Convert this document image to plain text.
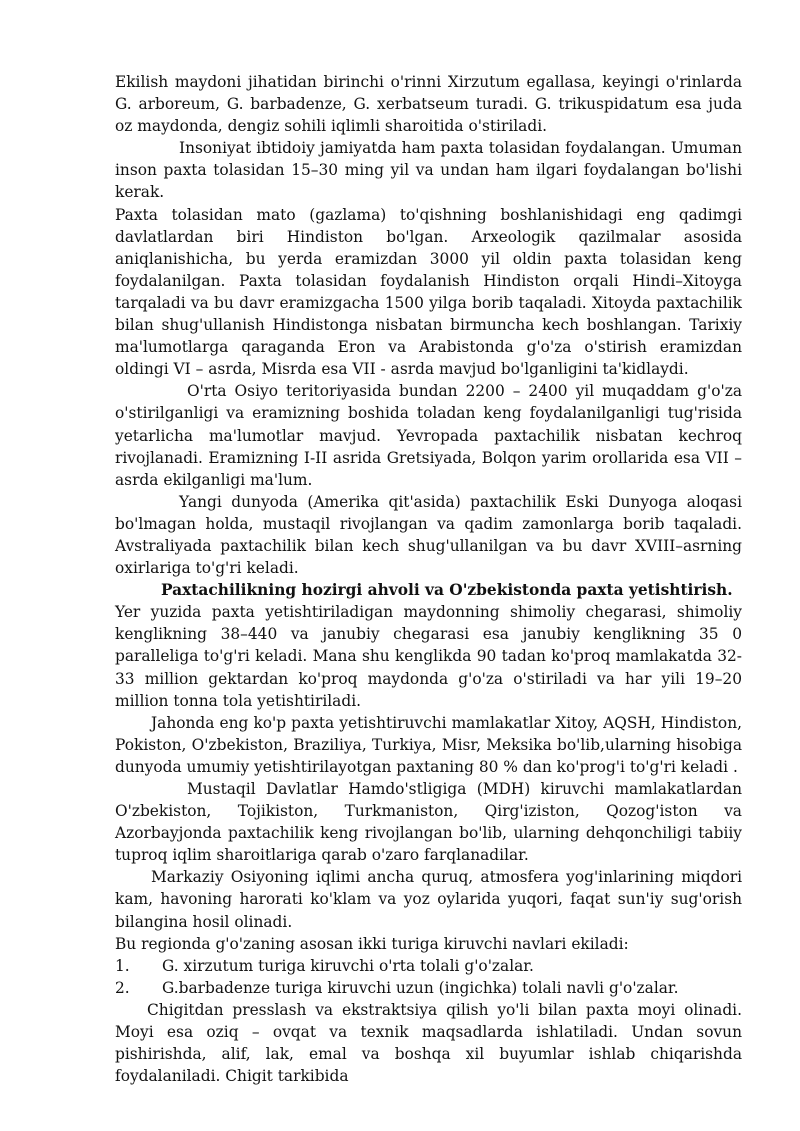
Ekilish maydoni jihatidan birinchi o'rinni Xirzutum egallasa, keyingi o'rinlarda G. arboreum, G. barbadenze, G. xerbatseum turadi. G. trikuspidatum esa juda oz maydonda, dengiz sohili iqlimli sharoitida o'stiriladi.

Insoniyat ibtidoiy jamiyatda ham paxta tolasidan foydalangan. Umuman inson paxta tolasidan 15–30 ming yil va undan ham ilgari foydalangan bo'lishi kerak.

Paxta tolasidan mato (gazlama) to'qishning boshlanishidagi eng qadimgi davlatlardan biri Hindiston bo'lgan. Arxeologik qazilmalar asosida aniqlanishicha, bu yerda eramizdan 3000 yil oldin paxta tolasidan keng foydalanilgan. Paxta tolasidan foydalanish Hindiston orqali Hindi–Xitoyga tarqaladi va bu davr eramizgacha 1500 yilga borib taqaladi. Xitoyda paxtachilik bilan shug'ullanish Hindistonga nisbatan birmuncha kech boshlangan. Tarixiy ma'lumotlarga qaraganda Eron va Arabistonda g'o'za o'stirish eramizdan oldingi VI – asrda, Misrda esa VII - asrda mavjud bo'lganligini ta'kidlaydi.

O'rta Osiyo teritoriyasida bundan 2200 – 2400 yil muqaddam g'o'za o'stirilganligi va eramizning boshida toladan keng foydalanilganligi tug'risida yetarlicha ma'lumotlar mavjud. Yevropada paxtachilik nisbatan kechroq rivojlanadi. Eramizning I-II asrida Gretsiyada, Bolqon yarim orollarida esa VII – asrda ekilganligi ma'lum.

Yangi dunyoda (Amerika qit'asida) paxtachilik Eski Dunyoga aloqasi bo'lmagan holda, mustaqil rivojlangan va qadim zamonlarga borib taqaladi. Avstraliyada paxtachilik bilan kech shug'ullanilgan va bu davr XVIII–asrning oxirlariga to'g'ri keladi.

Paxtachilikning hozirgi ahvoli va O'zbekistonda paxta yetishtirish.

Yer yuzida paxta yetishtiriladigan maydonning shimoliy chegarasi, shimoliy kenglikning 38–440 va janubiy chegarasi esa janubiy kenglikning 35 0 paralleliga to'g'ri keladi. Mana shu kenglikda 90 tadan ko'proq mamlakatda 32- 33 million gektardan ko'proq maydonda g'o'za o'stiriladi va har yili 19–20 million tonna tola yetishtiriladi.

Jahonda eng ko'p paxta yetishtiruvchi mamlakatlar Xitoy, AQSH, Hindiston, Pokiston, O'zbekiston, Braziliya, Turkiya, Misr, Meksika bo'lib,ularning hisobiga dunyoda umumiy yetishtirilayotgan paxtaning 80 % dan ko'prog'i to'g'ri keladi .

Mustaqil Davlatlar Hamdo'stligiga (MDH) kiruvchi mamlakatlardan O'zbekiston, Tojikiston, Turkmaniston, Qirg'iziston, Qozog'iston va Azorbayjonda paxtachilik keng rivojlangan bo'lib, ularning dehqonchiligi tabiiy tuproq iqlim sharoitlariga qarab o'zaro farqlanadilar.

Markaziy Osiyoning iqlimi ancha quruq, atmosfera yog'inlarining miqdori kam, havoning harorati ko'klam va yoz oylarida yuqori, faqat sun'iy sug'orish bilangina hosil olinadi.

Bu regionda g'o'zaning asosan ikki turiga kiruvchi navlari ekiladi:

1.	G. xirzutum turiga kiruvchi o'rta tolali g'o'zalar.
2.	G.barbadenze turiga kiruvchi uzun (ingichka) tolali navli g'o'zalar.

Chigitdan presslash va ekstraktsiya qilish yo'li bilan paxta moyi olinadi. Moyi esa oziq – ovqat va texnik maqsadlarda ishlatiladi. Undan sovun pishirishda, alif, lak, emal va boshqa xil buyumlar ishlab chiqarishda foydalaniladi. Chigit tarkibida
